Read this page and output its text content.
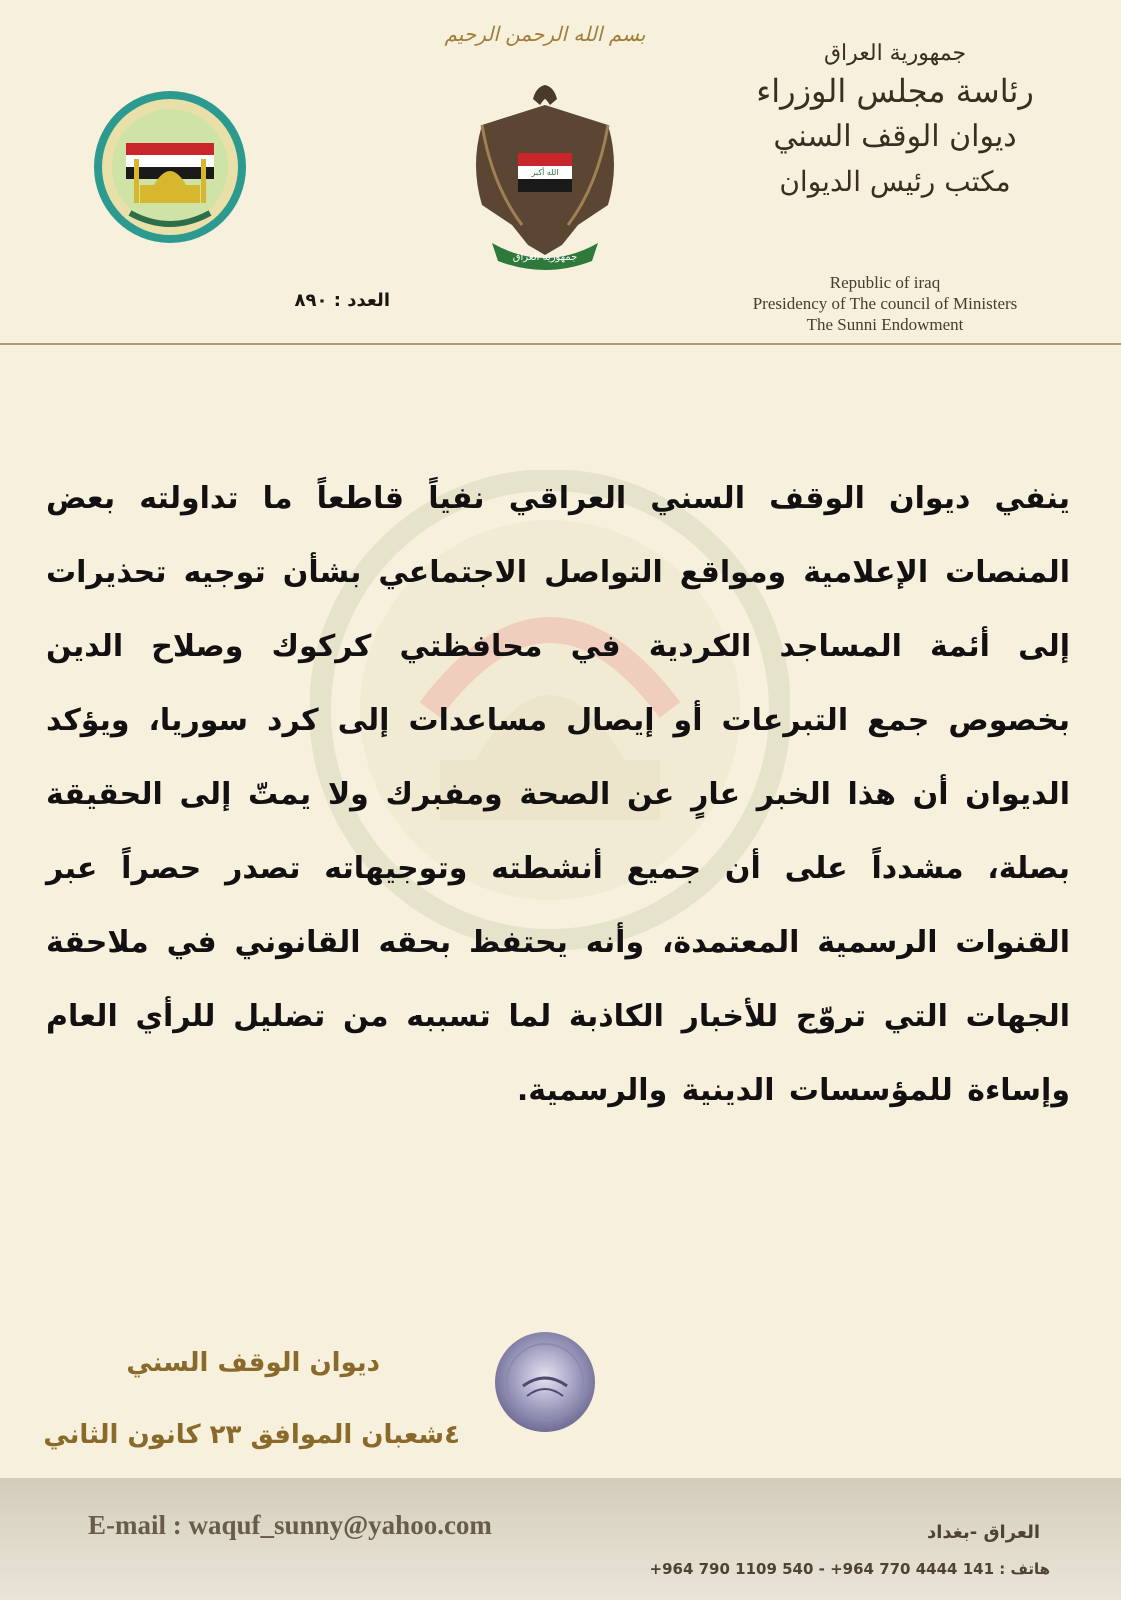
بسم الله الرحمن الرحيم
الله أكبر
جمهورية العراق
جمهورية العراق
رئاسة مجلس الوزراء
ديوان الوقف السني
مكتب رئيس الديوان
Republic of iraq
Presidency of The council of Ministers
The Sunni Endowment
العدد : ٨٩٠
ينفي ديوان الوقف السني العراقي نفياً قاطعاً ما تداولته بعض المنصات الإعلامية ومواقع التواصل الاجتماعي بشأن توجيه تحذيرات إلى أئمة المساجد الكردية في محافظتي كركوك وصلاح الدين بخصوص جمع التبرعات أو إيصال مساعدات إلى كرد سوريا، ويؤكد الديوان أن هذا الخبر عارٍ عن الصحة ومفبرك ولا يمتّ إلى الحقيقة بصلة، مشدداً على أن جميع أنشطته وتوجيهاته تصدر حصراً عبر القنوات الرسمية المعتمدة، وأنه يحتفظ بحقه القانوني في ملاحقة الجهات التي تروّج للأخبار الكاذبة لما تسببه من تضليل للرأي العام وإساءة للمؤسسات الدينية والرسمية.
ديوان الوقف السني
٤شعبان الموافق ٢٣ كانون الثاني
E-mail : waquf_sunny@yahoo.com	العراق -بغداد
هاتف : +964 790 1109 540 - +964 770 4444 141
